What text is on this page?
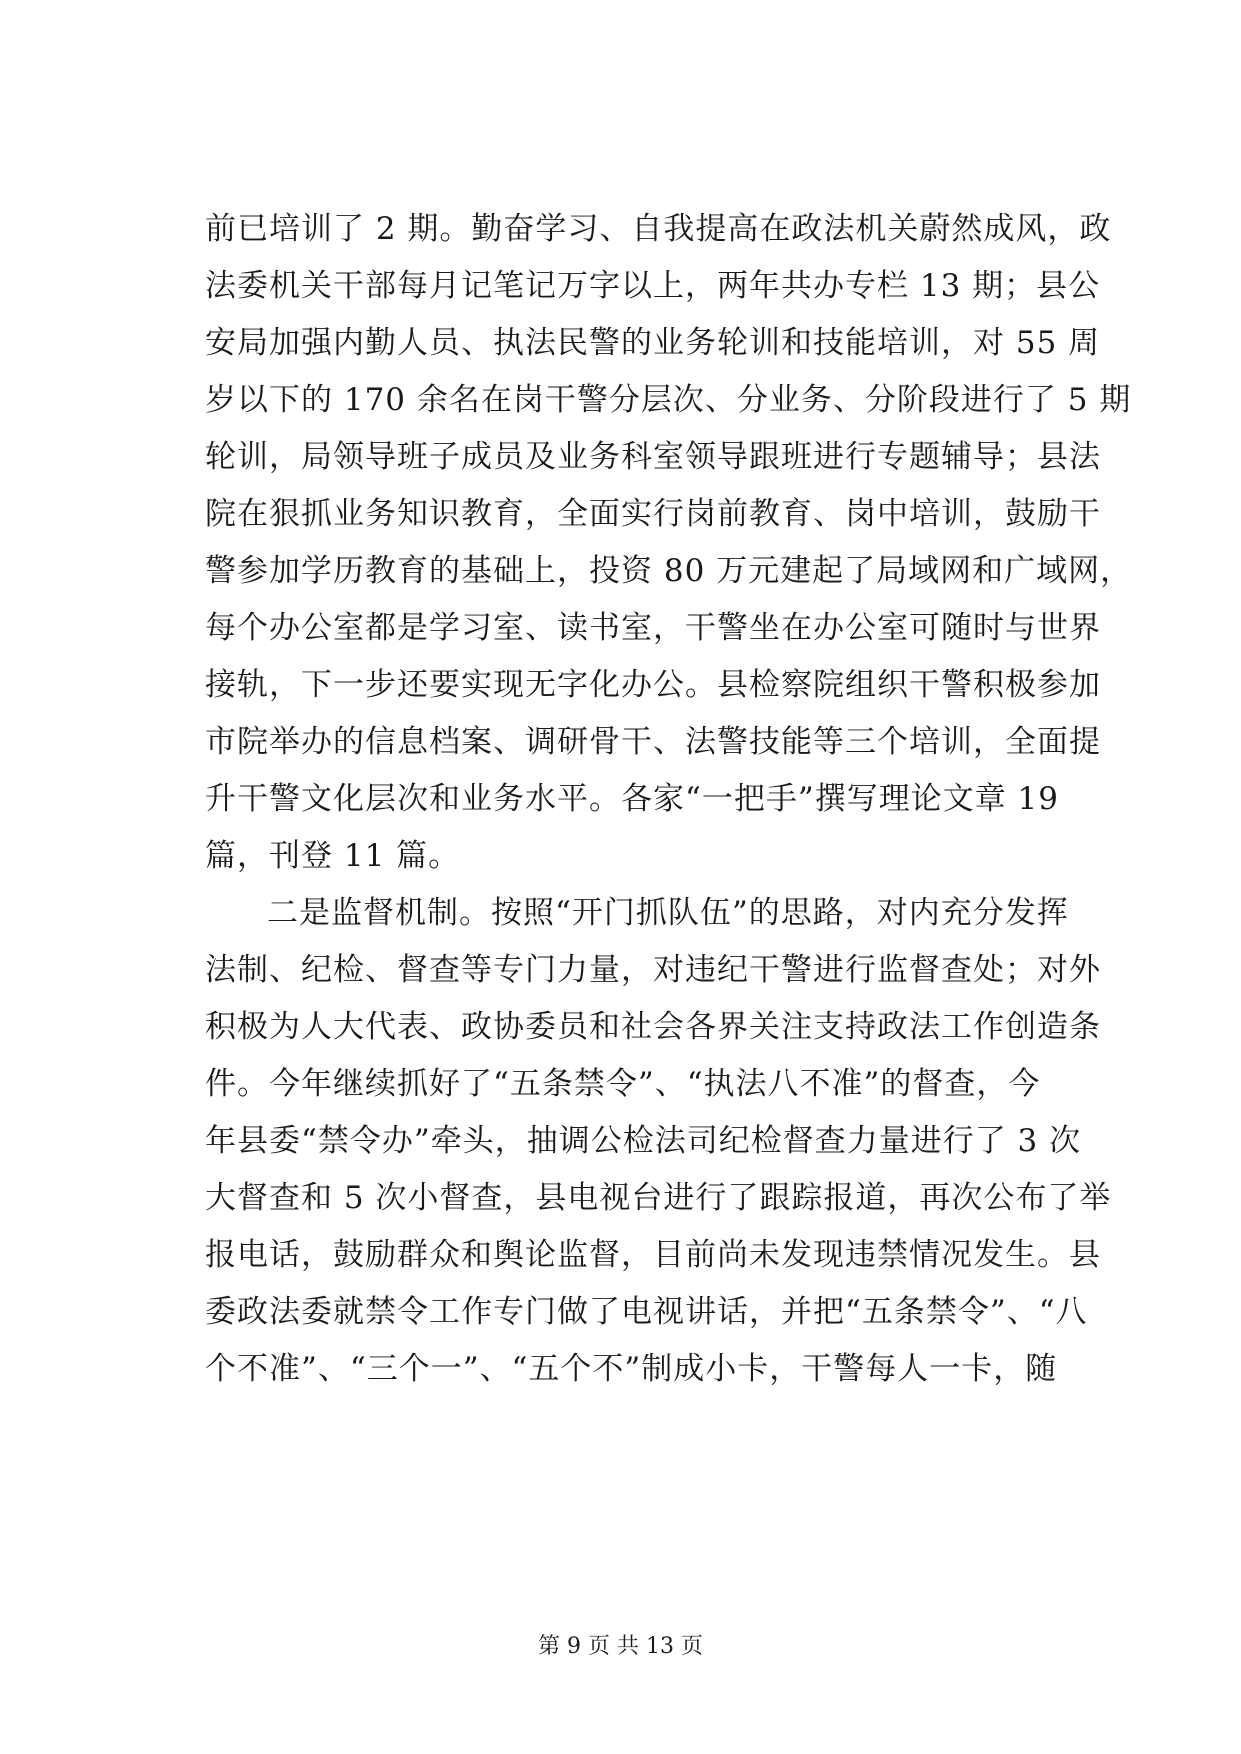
前已培训了 2 期。勤奋学习、自我提高在政法机关蔚然成风，政
法委机关干部每月记笔记万字以上，两年共办专栏 13 期；县公
安局加强内勤人员、执法民警的业务轮训和技能培训，对 55 周
岁以下的 170 余名在岗干警分层次、分业务、分阶段进行了 5 期
轮训，局领导班子成员及业务科室领导跟班进行专题辅导；县法
院在狠抓业务知识教育，全面实行岗前教育、岗中培训，鼓励干
警参加学历教育的基础上，投资 80 万元建起了局域网和广域网，
每个办公室都是学习室、读书室，干警坐在办公室可随时与世界
接轨，下一步还要实现无字化办公。县检察院组织干警积极参加
市院举办的信息档案、调研骨干、法警技能等三个培训，全面提
升干警文化层次和业务水平。各家“一把手”撰写理论文章 19
篇，刊登 11 篇。
二是监督机制。按照“开门抓队伍”的思路，对内充分发挥
法制、纪检、督查等专门力量，对违纪干警进行监督查处；对外
积极为人大代表、政协委员和社会各界关注支持政法工作创造条
件。今年继续抓好了“五条禁令”、“执法八不准”的督查，今
年县委“禁令办”牵头，抽调公检法司纪检督查力量进行了 3 次
大督查和 5 次小督查，县电视台进行了跟踪报道，再次公布了举
报电话，鼓励群众和舆论监督，目前尚未发现违禁情况发生。县
委政法委就禁令工作专门做了电视讲话，并把“五条禁令”、“八
个不准”、“三个一”、“五个不”制成小卡，干警每人一卡，随
第 9 页 共 13 页
